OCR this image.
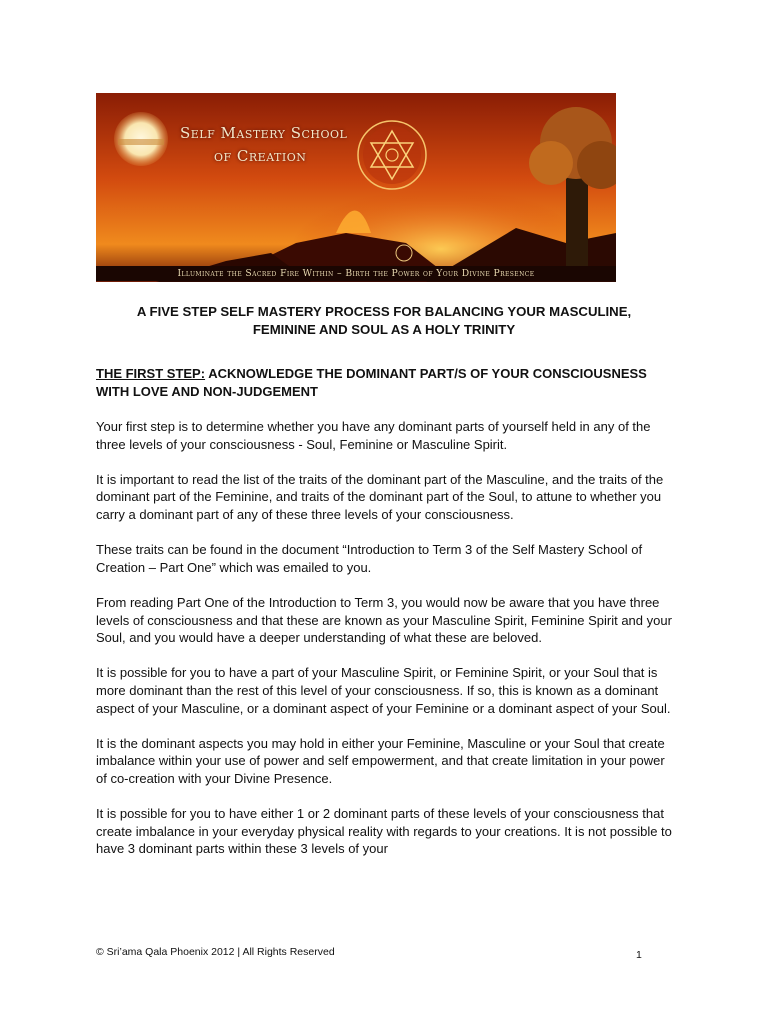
Self Mastery School
of Creation
Illuminate the Sacred Fire Within – Birth the Power of Your Divine Presence
A FIVE STEP SELF MASTERY PROCESS FOR BALANCING YOUR MASCULINE,
FEMININE AND SOUL AS A HOLY TRINITY
THE FIRST STEP: ACKNOWLEDGE THE DOMINANT PART/S OF YOUR CONSCIOUSNESS WITH LOVE AND NON-JUDGEMENT

Your first step is to determine whether you have any dominant parts of yourself held in any of the three levels of your consciousness - Soul, Feminine or Masculine Spirit.

It is important to read the list of the traits of the dominant part of the Masculine, and the traits of the dominant part of the Feminine, and traits of the dominant part of the Soul, to attune to whether you carry a dominant part of any of these three levels of your consciousness.

These traits can be found in the document “Introduction to Term 3 of the Self Mastery School of Creation – Part One” which was emailed to you.

From reading Part One of the Introduction to Term 3, you would now be aware that you have three levels of consciousness and that these are known as your Masculine Spirit, Feminine Spirit and your Soul, and you would have a deeper understanding of what these are beloved.

It is possible for you to have a part of your Masculine Spirit, or Feminine Spirit, or your Soul that is more dominant than the rest of this level of your consciousness. If so, this is known as a dominant aspect of your Masculine, or a dominant aspect of your Feminine or a dominant aspect of your Soul.

It is the dominant aspects you may hold in either your Feminine, Masculine or your Soul that create imbalance within your use of power and self empowerment, and that create limitation in your power of co-creation with your Divine Presence.

It is possible for you to have either 1 or 2 dominant parts of these levels of your consciousness that create imbalance in your everyday physical reality with regards to your creations. It is not possible to have 3 dominant parts within these 3 levels of your

© Sri’ama Qala Phoenix 2012 | All Rights Reserved	1
